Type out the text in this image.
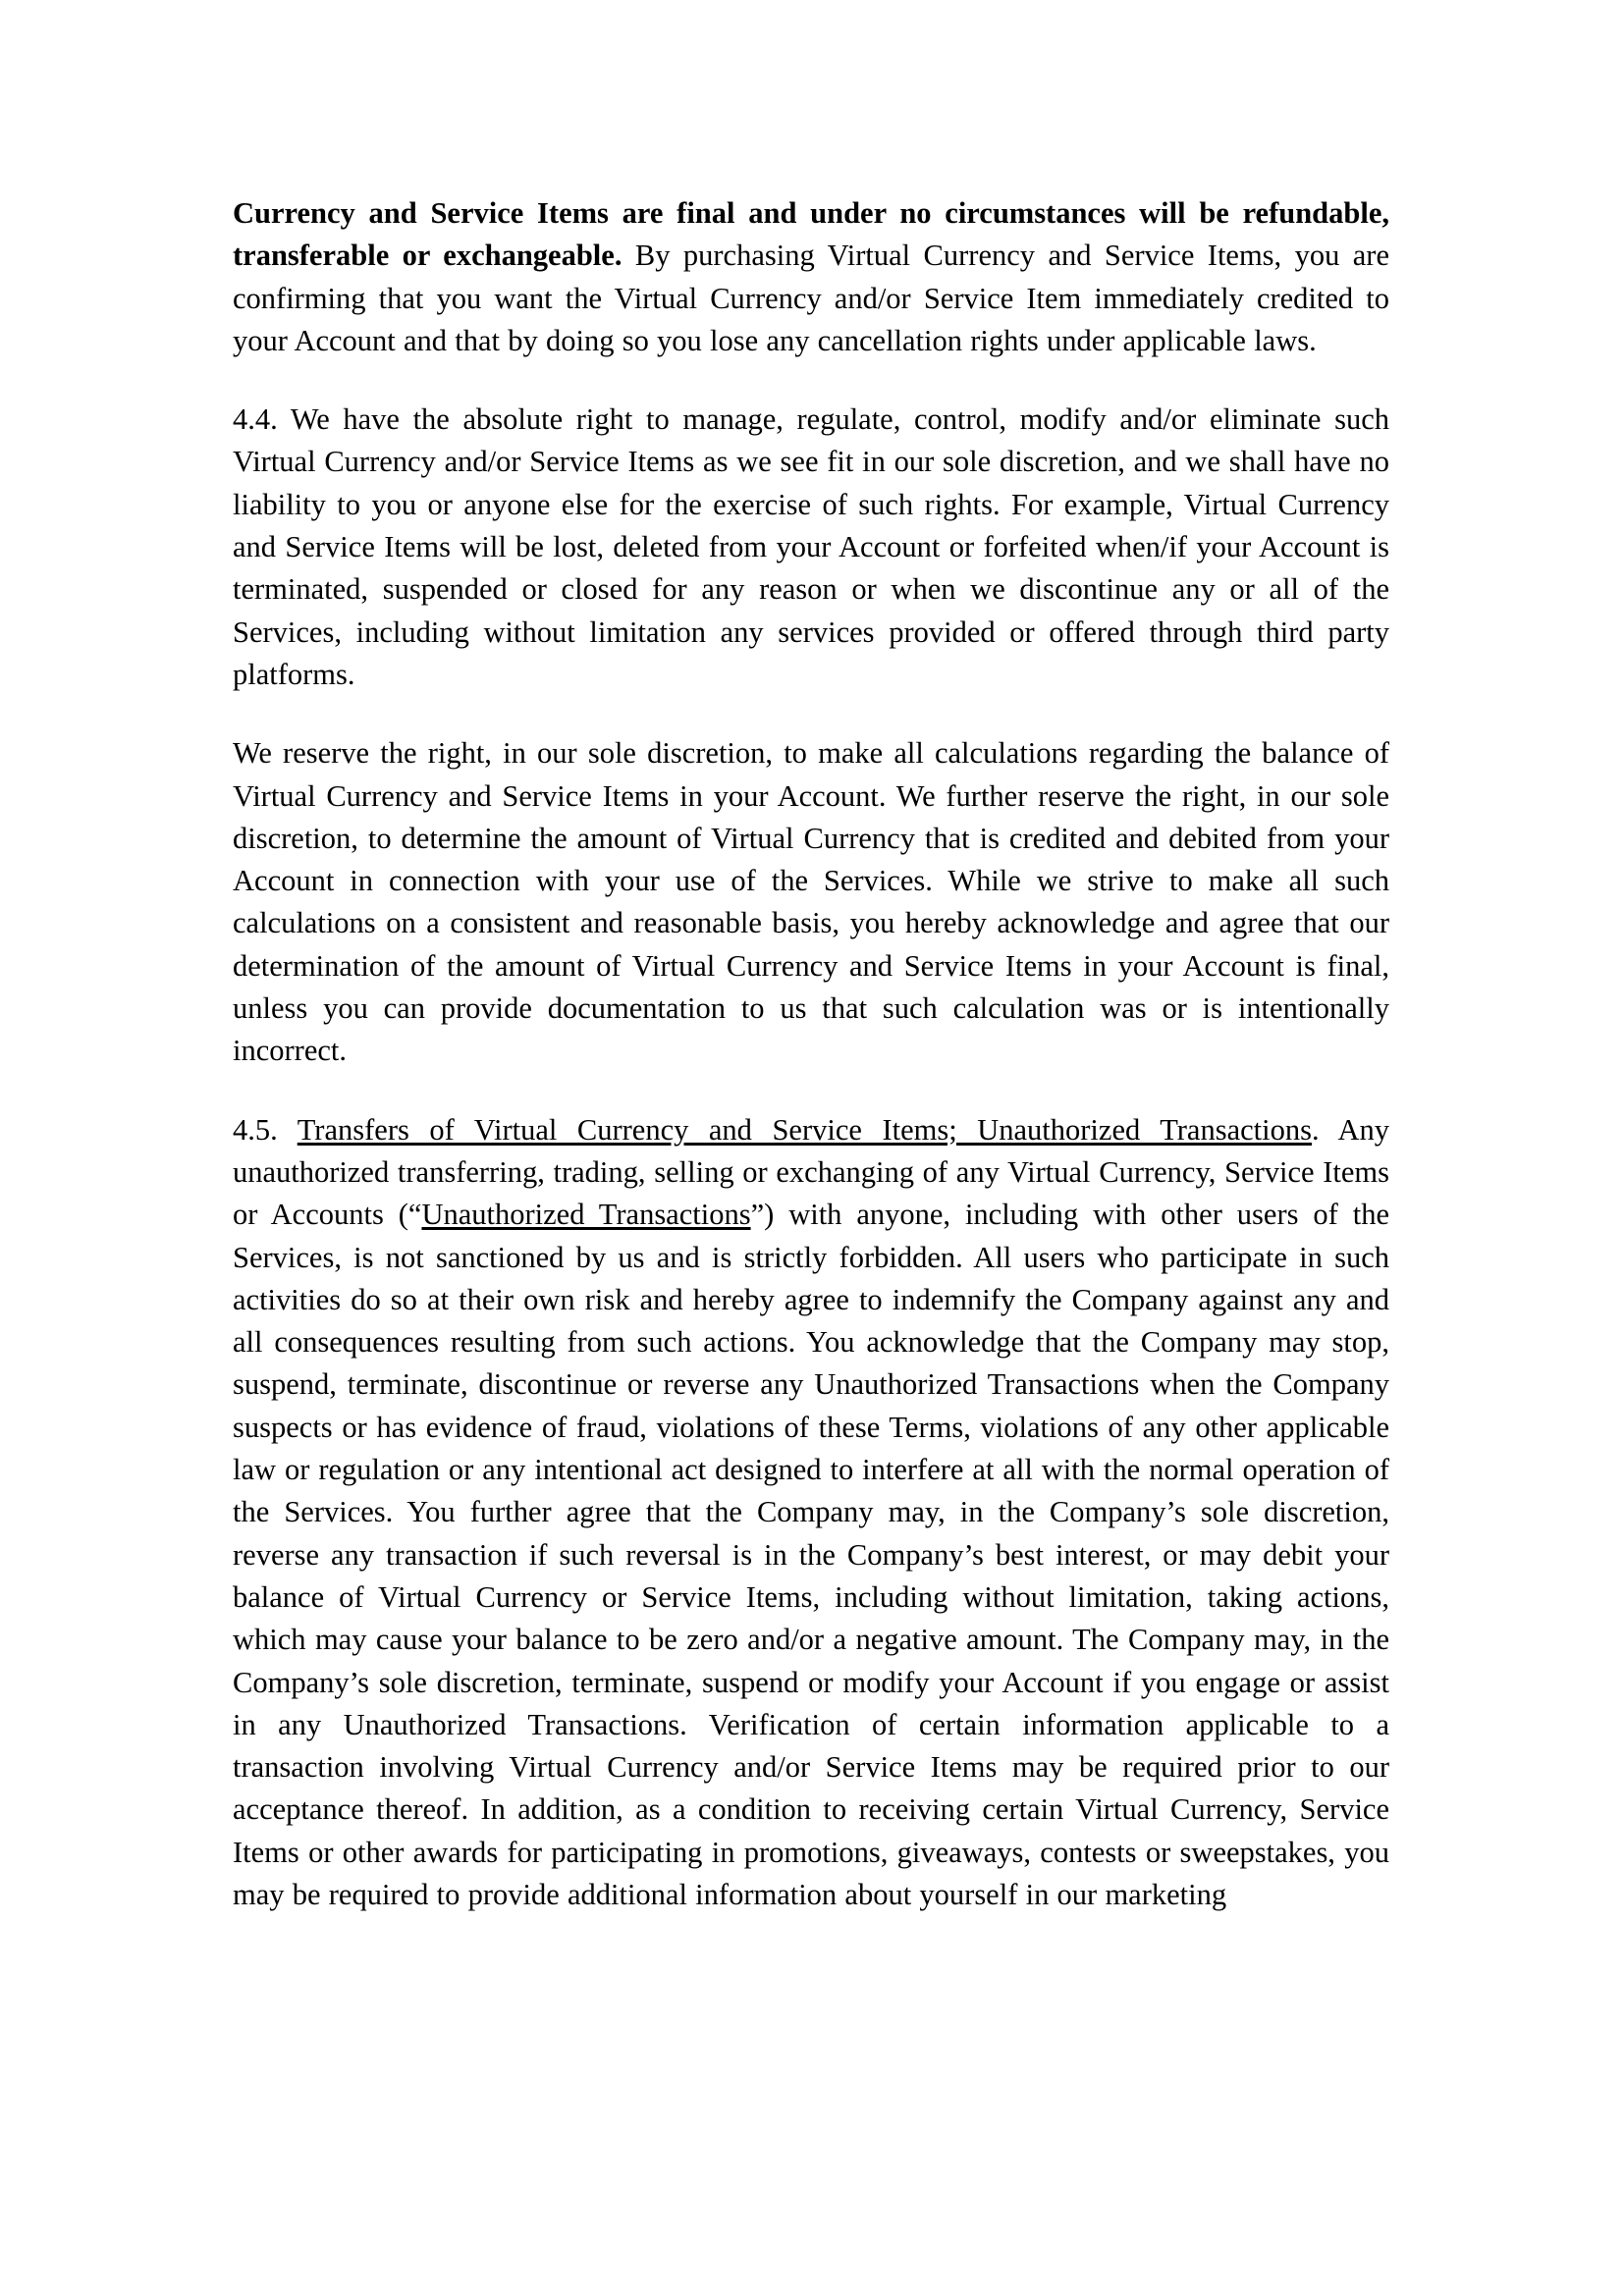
Currency and Service Items are final and under no circumstances will be refundable, transferable or exchangeable. By purchasing Virtual Currency and Service Items, you are confirming that you want the Virtual Currency and/or Service Item immediately credited to your Account and that by doing so you lose any cancellation rights under applicable laws.

4.4. We have the absolute right to manage, regulate, control, modify and/or eliminate such Virtual Currency and/or Service Items as we see fit in our sole discretion, and we shall have no liability to you or anyone else for the exercise of such rights. For example, Virtual Currency and Service Items will be lost, deleted from your Account or forfeited when/if your Account is terminated, suspended or closed for any reason or when we discontinue any or all of the Services, including without limitation any services provided or offered through third party platforms.

We reserve the right, in our sole discretion, to make all calculations regarding the balance of Virtual Currency and Service Items in your Account. We further reserve the right, in our sole discretion, to determine the amount of Virtual Currency that is credited and debited from your Account in connection with your use of the Services. While we strive to make all such calculations on a consistent and reasonable basis, you hereby acknowledge and agree that our determination of the amount of Virtual Currency and Service Items in your Account is final, unless you can provide documentation to us that such calculation was or is intentionally incorrect.

4.5. Transfers of Virtual Currency and Service Items; Unauthorized Transactions. Any unauthorized transferring, trading, selling or exchanging of any Virtual Currency, Service Items or Accounts (“Unauthorized Transactions”) with anyone, including with other users of the Services, is not sanctioned by us and is strictly forbidden. All users who participate in such activities do so at their own risk and hereby agree to indemnify the Company against any and all consequences resulting from such actions. You acknowledge that the Company may stop, suspend, terminate, discontinue or reverse any Unauthorized Transactions when the Company suspects or has evidence of fraud, violations of these Terms, violations of any other applicable law or regulation or any intentional act designed to interfere at all with the normal operation of the Services. You further agree that the Company may, in the Company’s sole discretion, reverse any transaction if such reversal is in the Company’s best interest, or may debit your balance of Virtual Currency or Service Items, including without limitation, taking actions, which may cause your balance to be zero and/or a negative amount. The Company may, in the Company’s sole discretion, terminate, suspend or modify your Account if you engage or assist in any Unauthorized Transactions. Verification of certain information applicable to a transaction involving Virtual Currency and/or Service Items may be required prior to our acceptance thereof. In addition, as a condition to receiving certain Virtual Currency, Service Items or other awards for participating in promotions, giveaways, contests or sweepstakes, you may be required to provide additional information about yourself in our marketing
